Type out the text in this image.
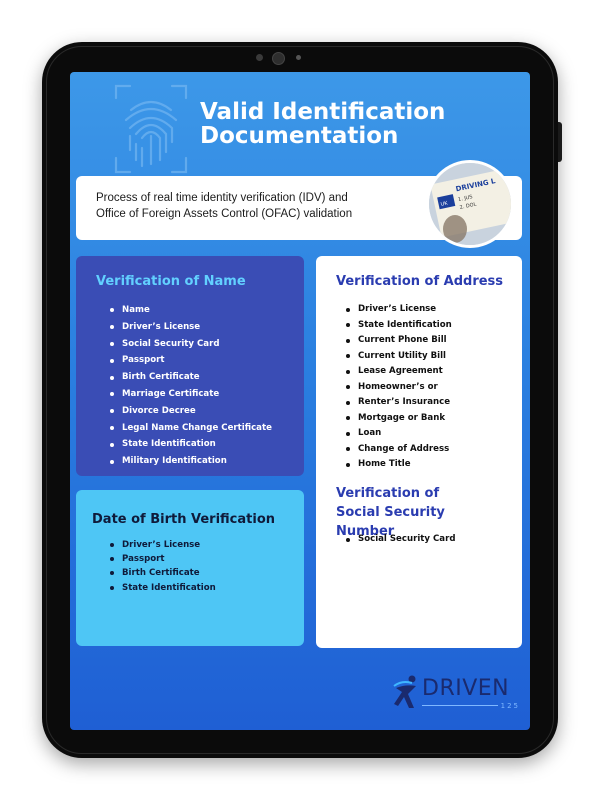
Valid Identification
Documentation
Process of real time identity verification (IDV) and
Office of Foreign Assets Control (OFAC) validation
DRIVING L
UK
1. JUS
2. DOL
Verification of Name
Name
Driver’s License
Social Security Card
Passport
Birth Certificate
Marriage Certificate
Divorce Decree
Legal Name Change Certificate
State Identification
Military Identification
Date of Birth Verification
Driver’s License
Passport
Birth Certificate
State Identification
Verification of Address
Driver’s License
State Identification
Current Phone Bill
Current Utility Bill
Lease Agreement
Homeowner’s or
Renter’s Insurance
Mortgage or Bank
Loan
Change of Address
Home Title
Verification of
Social Security
Number
Social Security Card
DRIVEN
125
